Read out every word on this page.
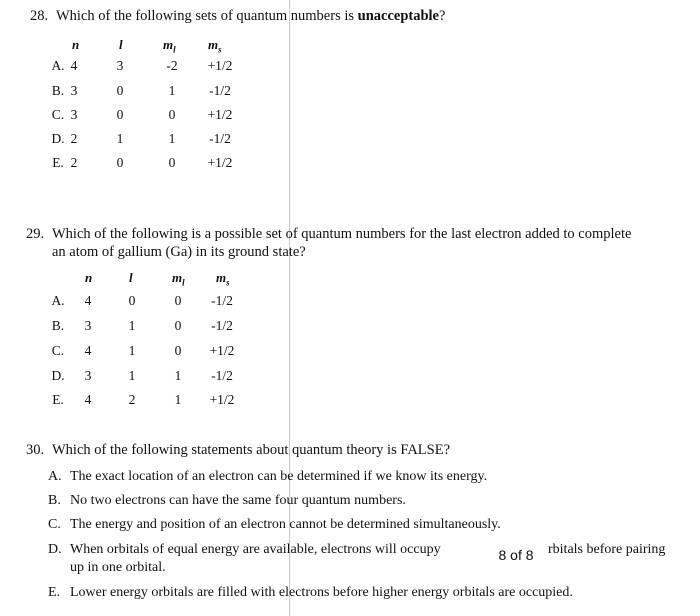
28. Which of the following sets of quantum numbers is unacceptable?
n	l	$m_l$ $m_s$
A. 4	3	-2	+1/2
B. 3	0	1	-1/2
C. 3	0	0	+1/2
D. 2	1	1	-1/2
E. 2	0	0	+1/2
29. Which of the following is a possible set of quantum numbers for the last electron added to complete
an atom of gallium (Ga) in its ground state?
n	l	$m_l$ $m_s$
A.	4	0	0	-1/2
B.	3	1	0	-1/2
C.	4	1	0	+1/2
D.	3	1	1	-1/2
E.	4	2	1	+1/2
30. Which of the following statements about quantum theory is FALSE?
A. The exact location of an electron can be determined if we know its energy.
B. No two electrons can have the same four quantum numbers.
C. The energy and position of an electron cannot be determined simultaneously.
D. When orbitals of equal energy are available, electrons will occupy	rbitals before pairing
up in one orbital.
E. Lower energy orbitals are filled with electrons before higher energy orbitals are occupied.
8 of 8
